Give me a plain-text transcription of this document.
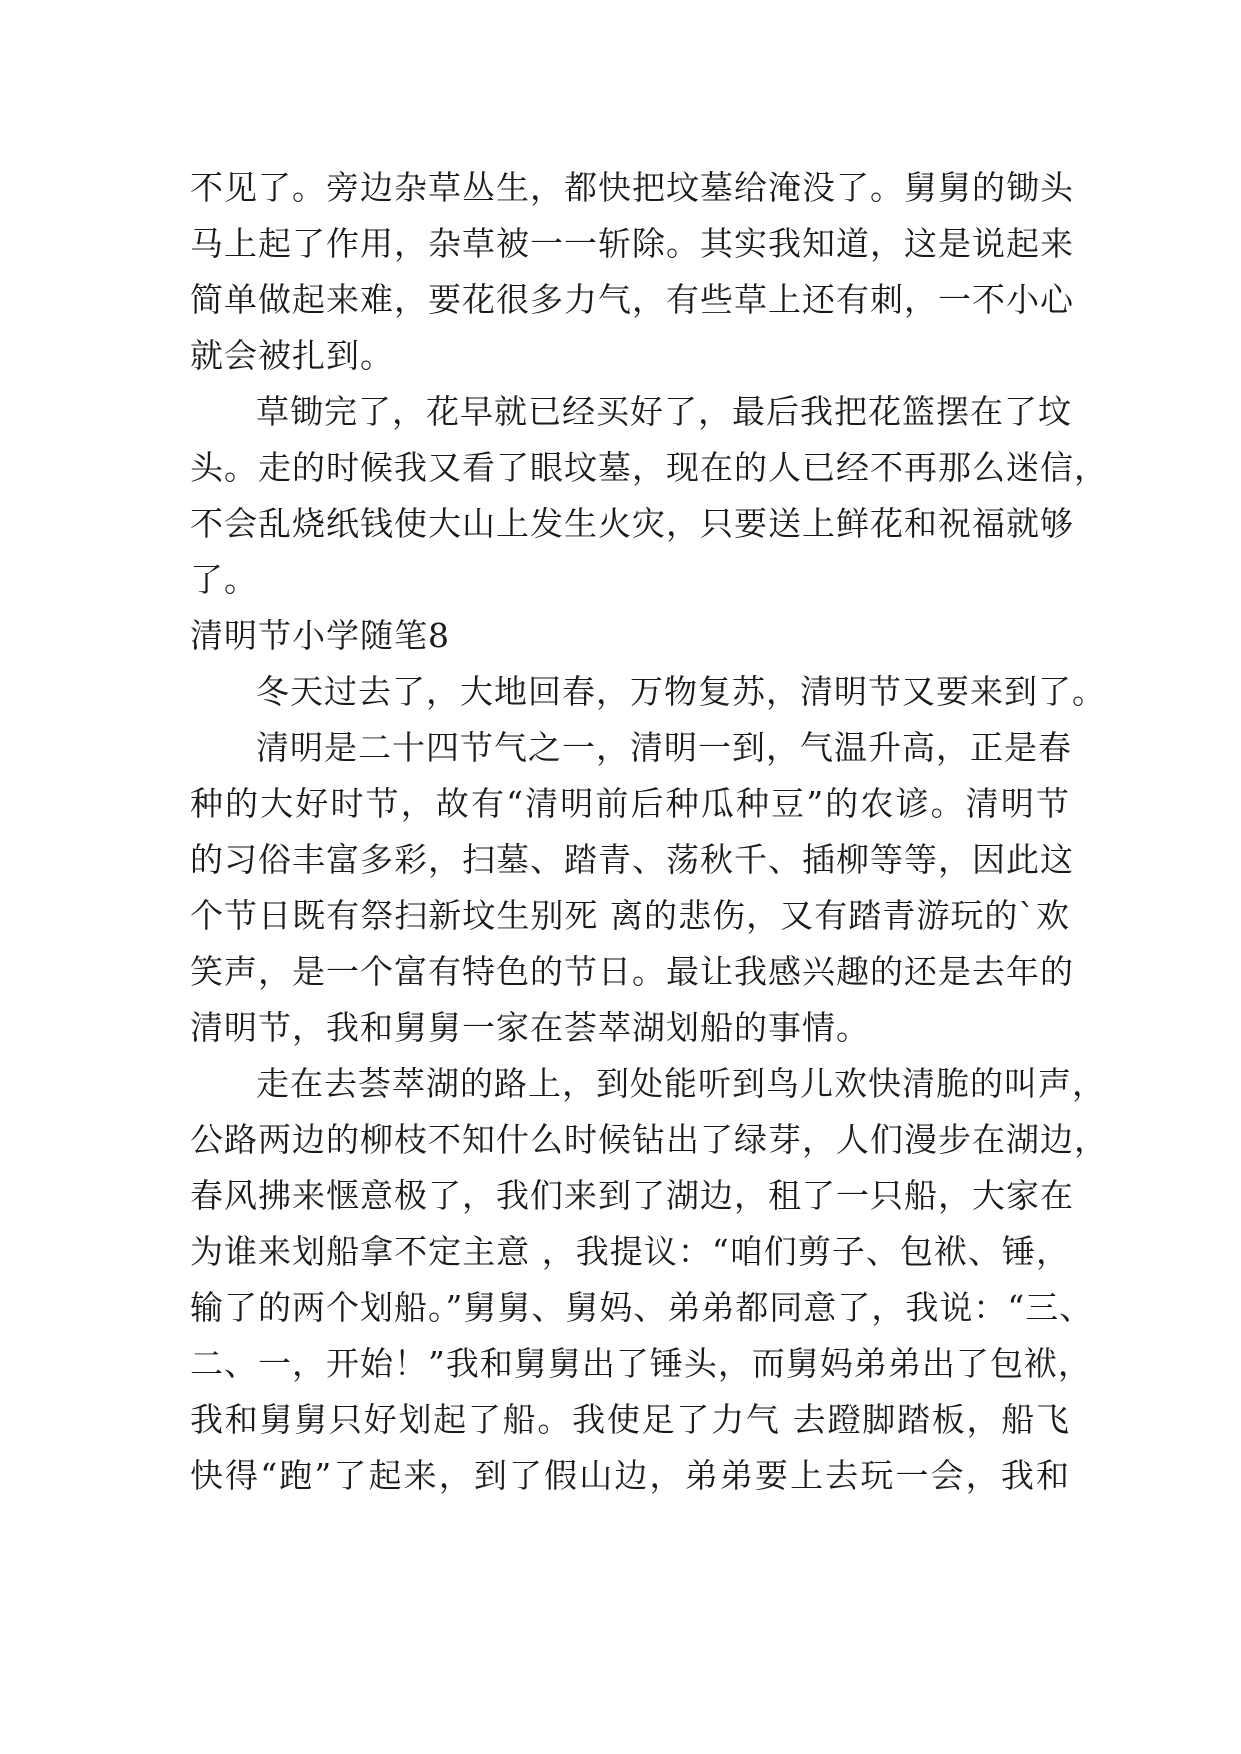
不见了。旁边杂草丛生，都快把坟墓给淹没了。舅舅的锄头
马上起了作用，杂草被一一斩除。其实我知道，这是说起来
简单做起来难，要花很多力气，有些草上还有刺，一不小心
就会被扎到。
草锄完了，花早就已经买好了，最后我把花篮摆在了坟
头。走的时候我又看了眼坟墓，现在的人已经不再那么迷信，
不会乱烧纸钱使大山上发生火灾，只要送上鲜花和祝福就够
了。
清明节小学随笔8
冬天过去了，大地回春，万物复苏，清明节又要来到了。
清明是二十四节气之一，清明一到，气温升高，正是春
种的大好时节，故有“清明前后种瓜种豆”的农谚。清明节
的习俗丰富多彩，扫墓、踏青、荡秋千、插柳等等，因此这
个节日既有祭扫新坟生别死 离的悲伤，又有踏青游玩的`欢
笑声，是一个富有特色的节日。最让我感兴趣的还是去年的
清明节，我和舅舅一家在荟萃湖划船的事情。
走在去荟萃湖的路上，到处能听到鸟儿欢快清脆的叫声，
公路两边的柳枝不知什么时候钻出了绿芽，人们漫步在湖边，
春风拂来惬意极了，我们来到了湖边，租了一只船，大家在
为谁来划船拿不定主意 ，我提议：“咱们剪子、包袱、锤，
输了的两个划船。”舅舅、舅妈、弟弟都同意了，我说：“三、
二、一，开始！”我和舅舅出了锤头，而舅妈弟弟出了包袱，
我和舅舅只好划起了船。我使足了力气 去蹬脚踏板，船飞
快得“跑”了起来，到了假山边，弟弟要上去玩一会，我和
